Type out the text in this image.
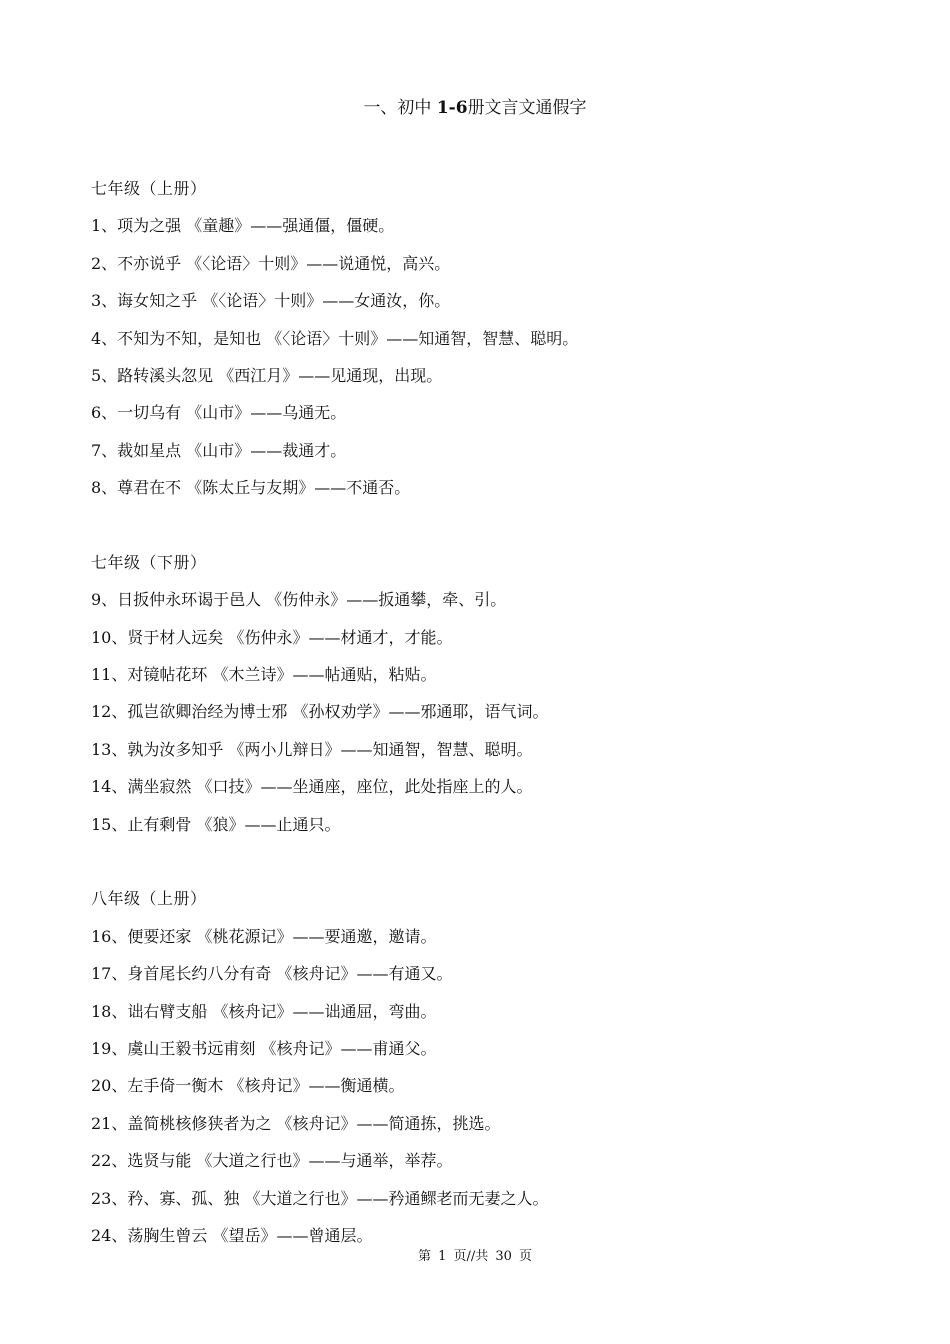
一、初中 1-6册文言文通假字
七年级（上册）
1、项为之强 《童趣》——强通僵，僵硬。
2、不亦说乎 《〈论语〉十则》——说通悦，高兴。
3、诲女知之乎 《〈论语〉十则》——女通汝，你。
4、不知为不知，是知也 《〈论语〉十则》——知通智，智慧、聪明。
5、路转溪头忽见 《西江月》——见通现，出现。
6、一切乌有 《山市》——乌通无。
7、裁如星点 《山市》——裁通才。
8、尊君在不 《陈太丘与友期》——不通否。
七年级（下册）
9、日扳仲永环谒于邑人 《伤仲永》——扳通攀，牵、引。
10、贤于材人远矣 《伤仲永》——材通才，才能。
11、对镜帖花环 《木兰诗》——帖通贴，粘贴。
12、孤岂欲卿治经为博士邪 《孙权劝学》——邪通耶，语气词。
13、孰为汝多知乎 《两小儿辩日》——知通智，智慧、聪明。
14、满坐寂然 《口技》——坐通座，座位，此处指座上的人。
15、止有剩骨 《狼》——止通只。
八年级（上册）
16、便要还家 《桃花源记》——要通邀，邀请。
17、身首尾长约八分有奇 《核舟记》——有通又。
18、诎右臂支船 《核舟记》——诎通屈，弯曲。
19、虞山王毅书远甫刻 《核舟记》——甫通父。
20、左手倚一衡木 《核舟记》——衡通横。
21、盖简桃核修狭者为之 《核舟记》——简通拣，挑选。
22、选贤与能 《大道之行也》——与通举，举荐。
23、矜、寡、孤、独 《大道之行也》——矜通鳏老而无妻之人。
24、荡胸生曾云 《望岳》——曾通层。
第 1 页//共 30 页
